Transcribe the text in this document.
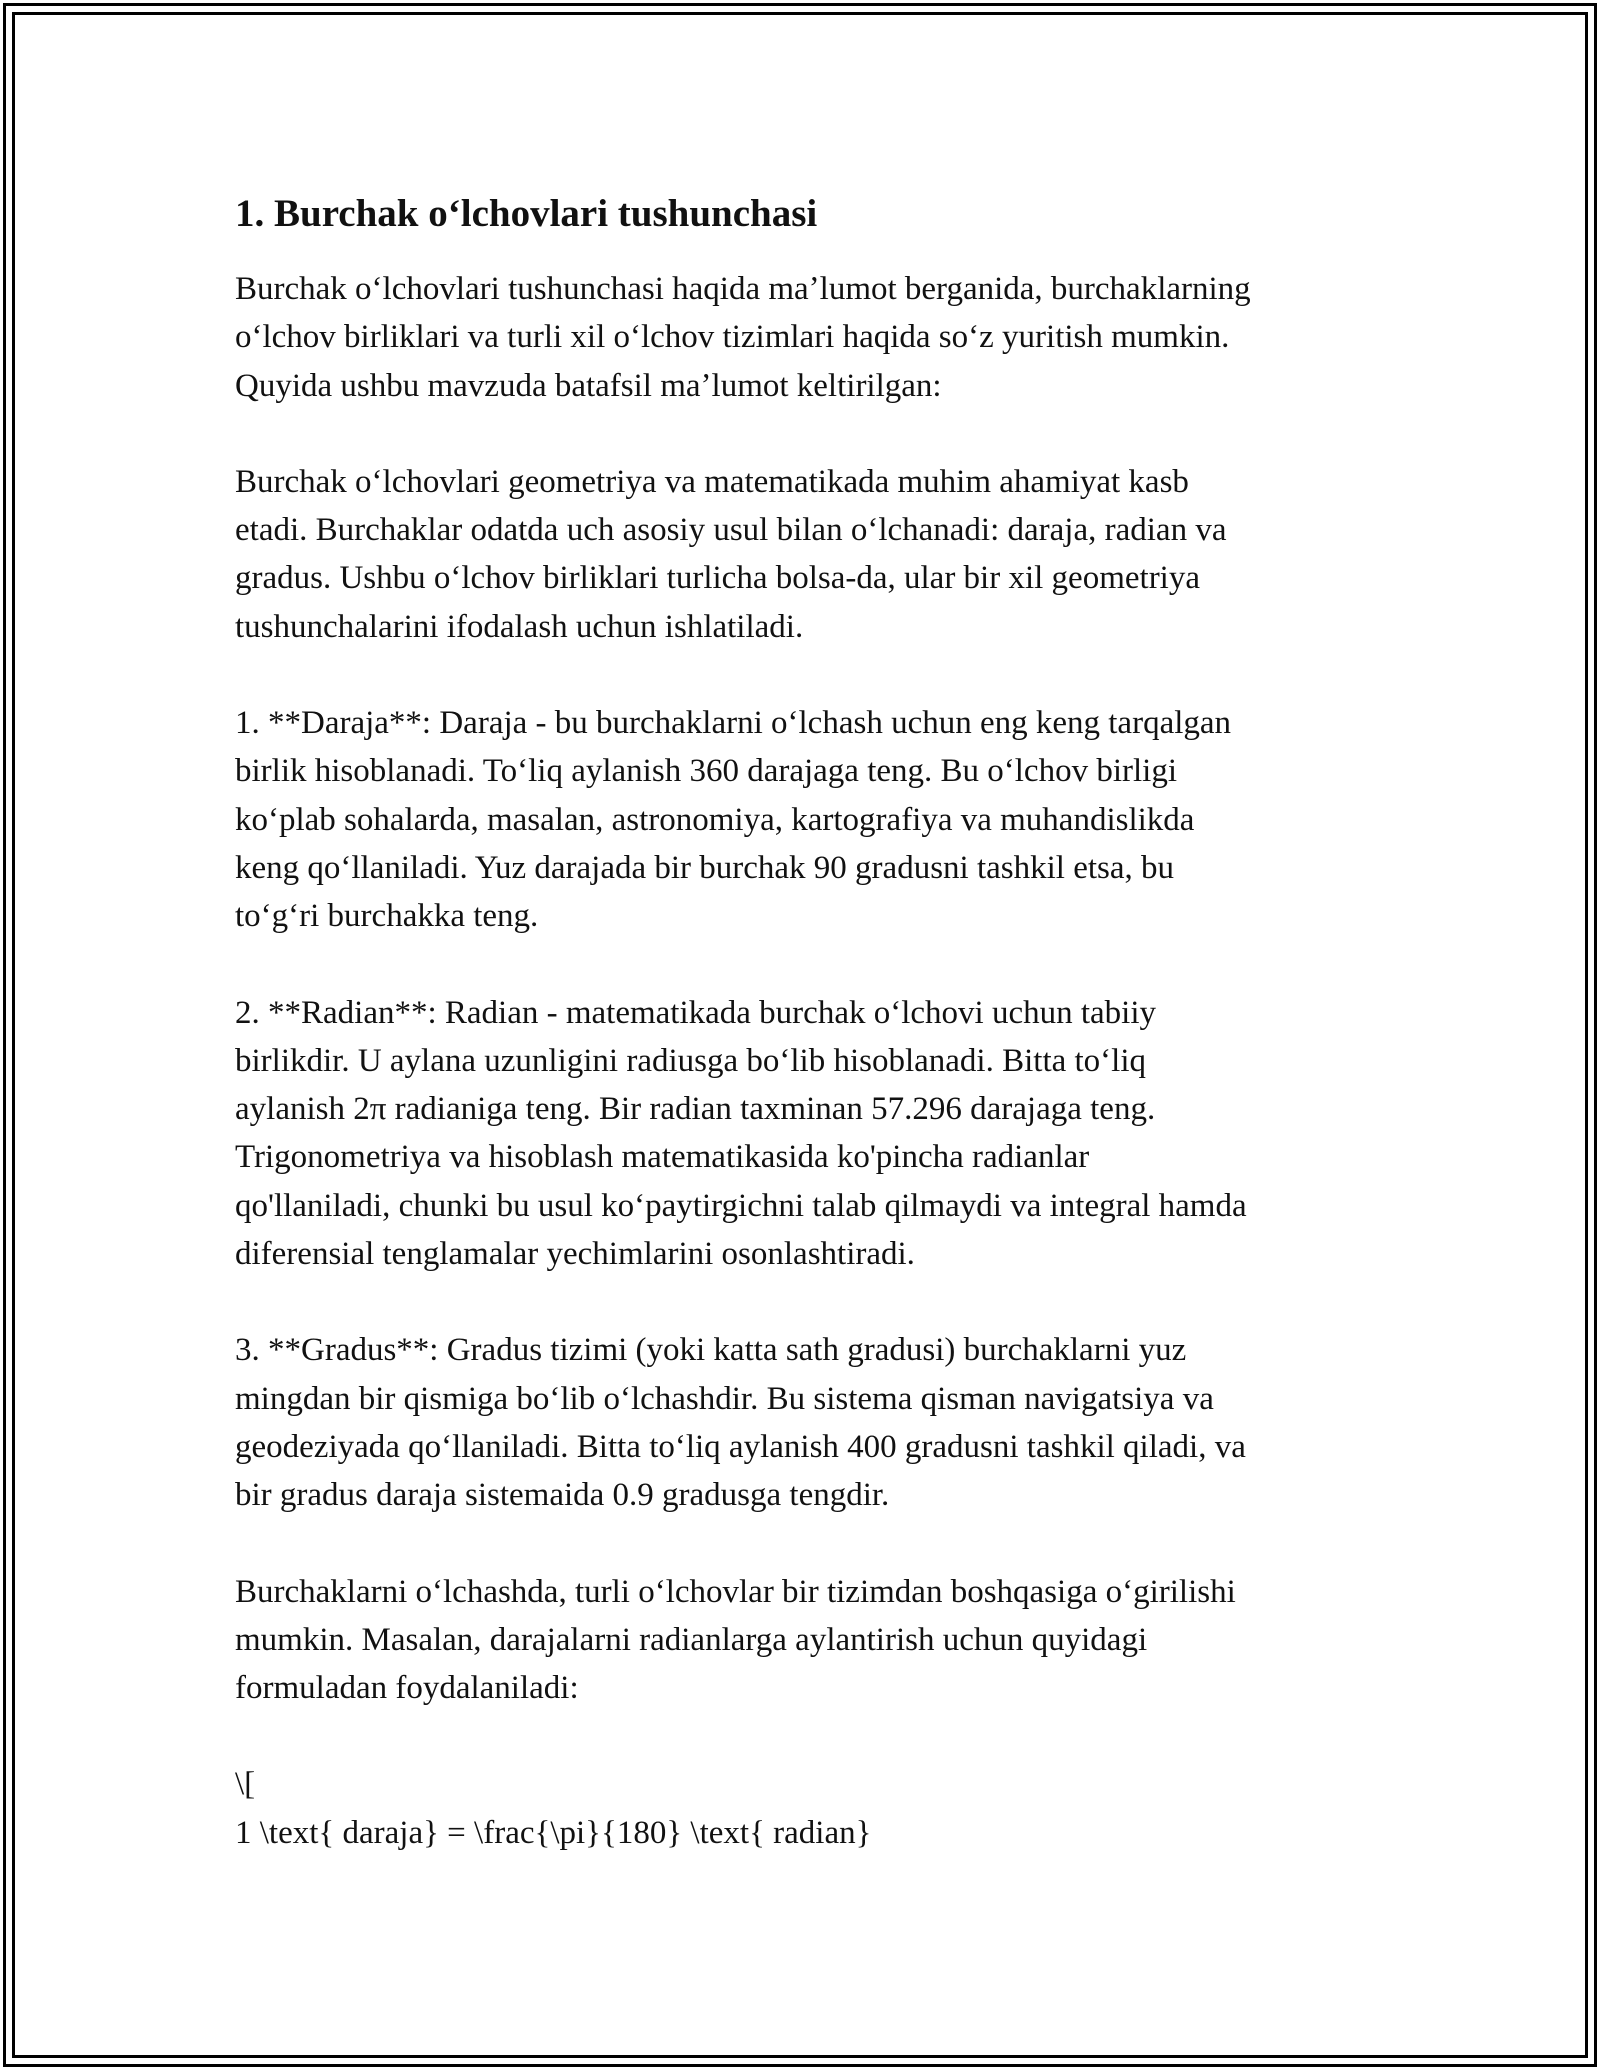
1. Burchak oʻlchovlari tushunchasi

Burchak oʻlchovlari tushunchasi haqida maʼlumot berganida, burchaklarning
oʻlchov birliklari va turli xil oʻlchov tizimlari haqida soʻz yuritish mumkin.
Quyida ushbu mavzuda batafsil maʼlumot keltirilgan:

Burchak oʻlchovlari geometriya va matematikada muhim ahamiyat kasb
etadi. Burchaklar odatda uch asosiy usul bilan oʻlchanadi: daraja, radian va
gradus. Ushbu oʻlchov birliklari turlicha bolsa-da, ular bir xil geometriya
tushunchalarini ifodalash uchun ishlatiladi.

1. **Daraja**: Daraja - bu burchaklarni oʻlchash uchun eng keng tarqalgan
birlik hisoblanadi. Toʻliq aylanish 360 darajaga teng. Bu oʻlchov birligi
koʻplab sohalarda, masalan, astronomiya, kartografiya va muhandislikda
keng qoʻllaniladi. Yuz darajada bir burchak 90 gradusni tashkil etsa, bu
toʻgʻri burchakka teng.

2. **Radian**: Radian - matematikada burchak oʻlchovi uchun tabiiy
birlikdir. U aylana uzunligini radiusga boʻlib hisoblanadi. Bitta toʻliq
aylanish 2π radianiga teng. Bir radian taxminan 57.296 darajaga teng.
Trigonometriya va hisoblash matematikasida ko'pincha radianlar
qo'llaniladi, chunki bu usul koʻpaytirgichni talab qilmaydi va integral hamda
diferensial tenglamalar yechimlarini osonlashtiradi.

3. **Gradus**: Gradus tizimi (yoki katta sath gradusi) burchaklarni yuz
mingdan bir qismiga boʻlib oʻlchashdir. Bu sistema qisman navigatsiya va
geodeziyada qoʻllaniladi. Bitta toʻliq aylanish 400 gradusni tashkil qiladi, va
bir gradus daraja sistemaida 0.9 gradusga tengdir.

Burchaklarni oʻlchashda, turli oʻlchovlar bir tizimdan boshqasiga oʻgirilishi
mumkin. Masalan, darajalarni radianlarga aylantirish uchun quyidagi
formuladan foydalaniladi:

\[
1 \text{ daraja} = \frac{\pi}{180} \text{ radian}
